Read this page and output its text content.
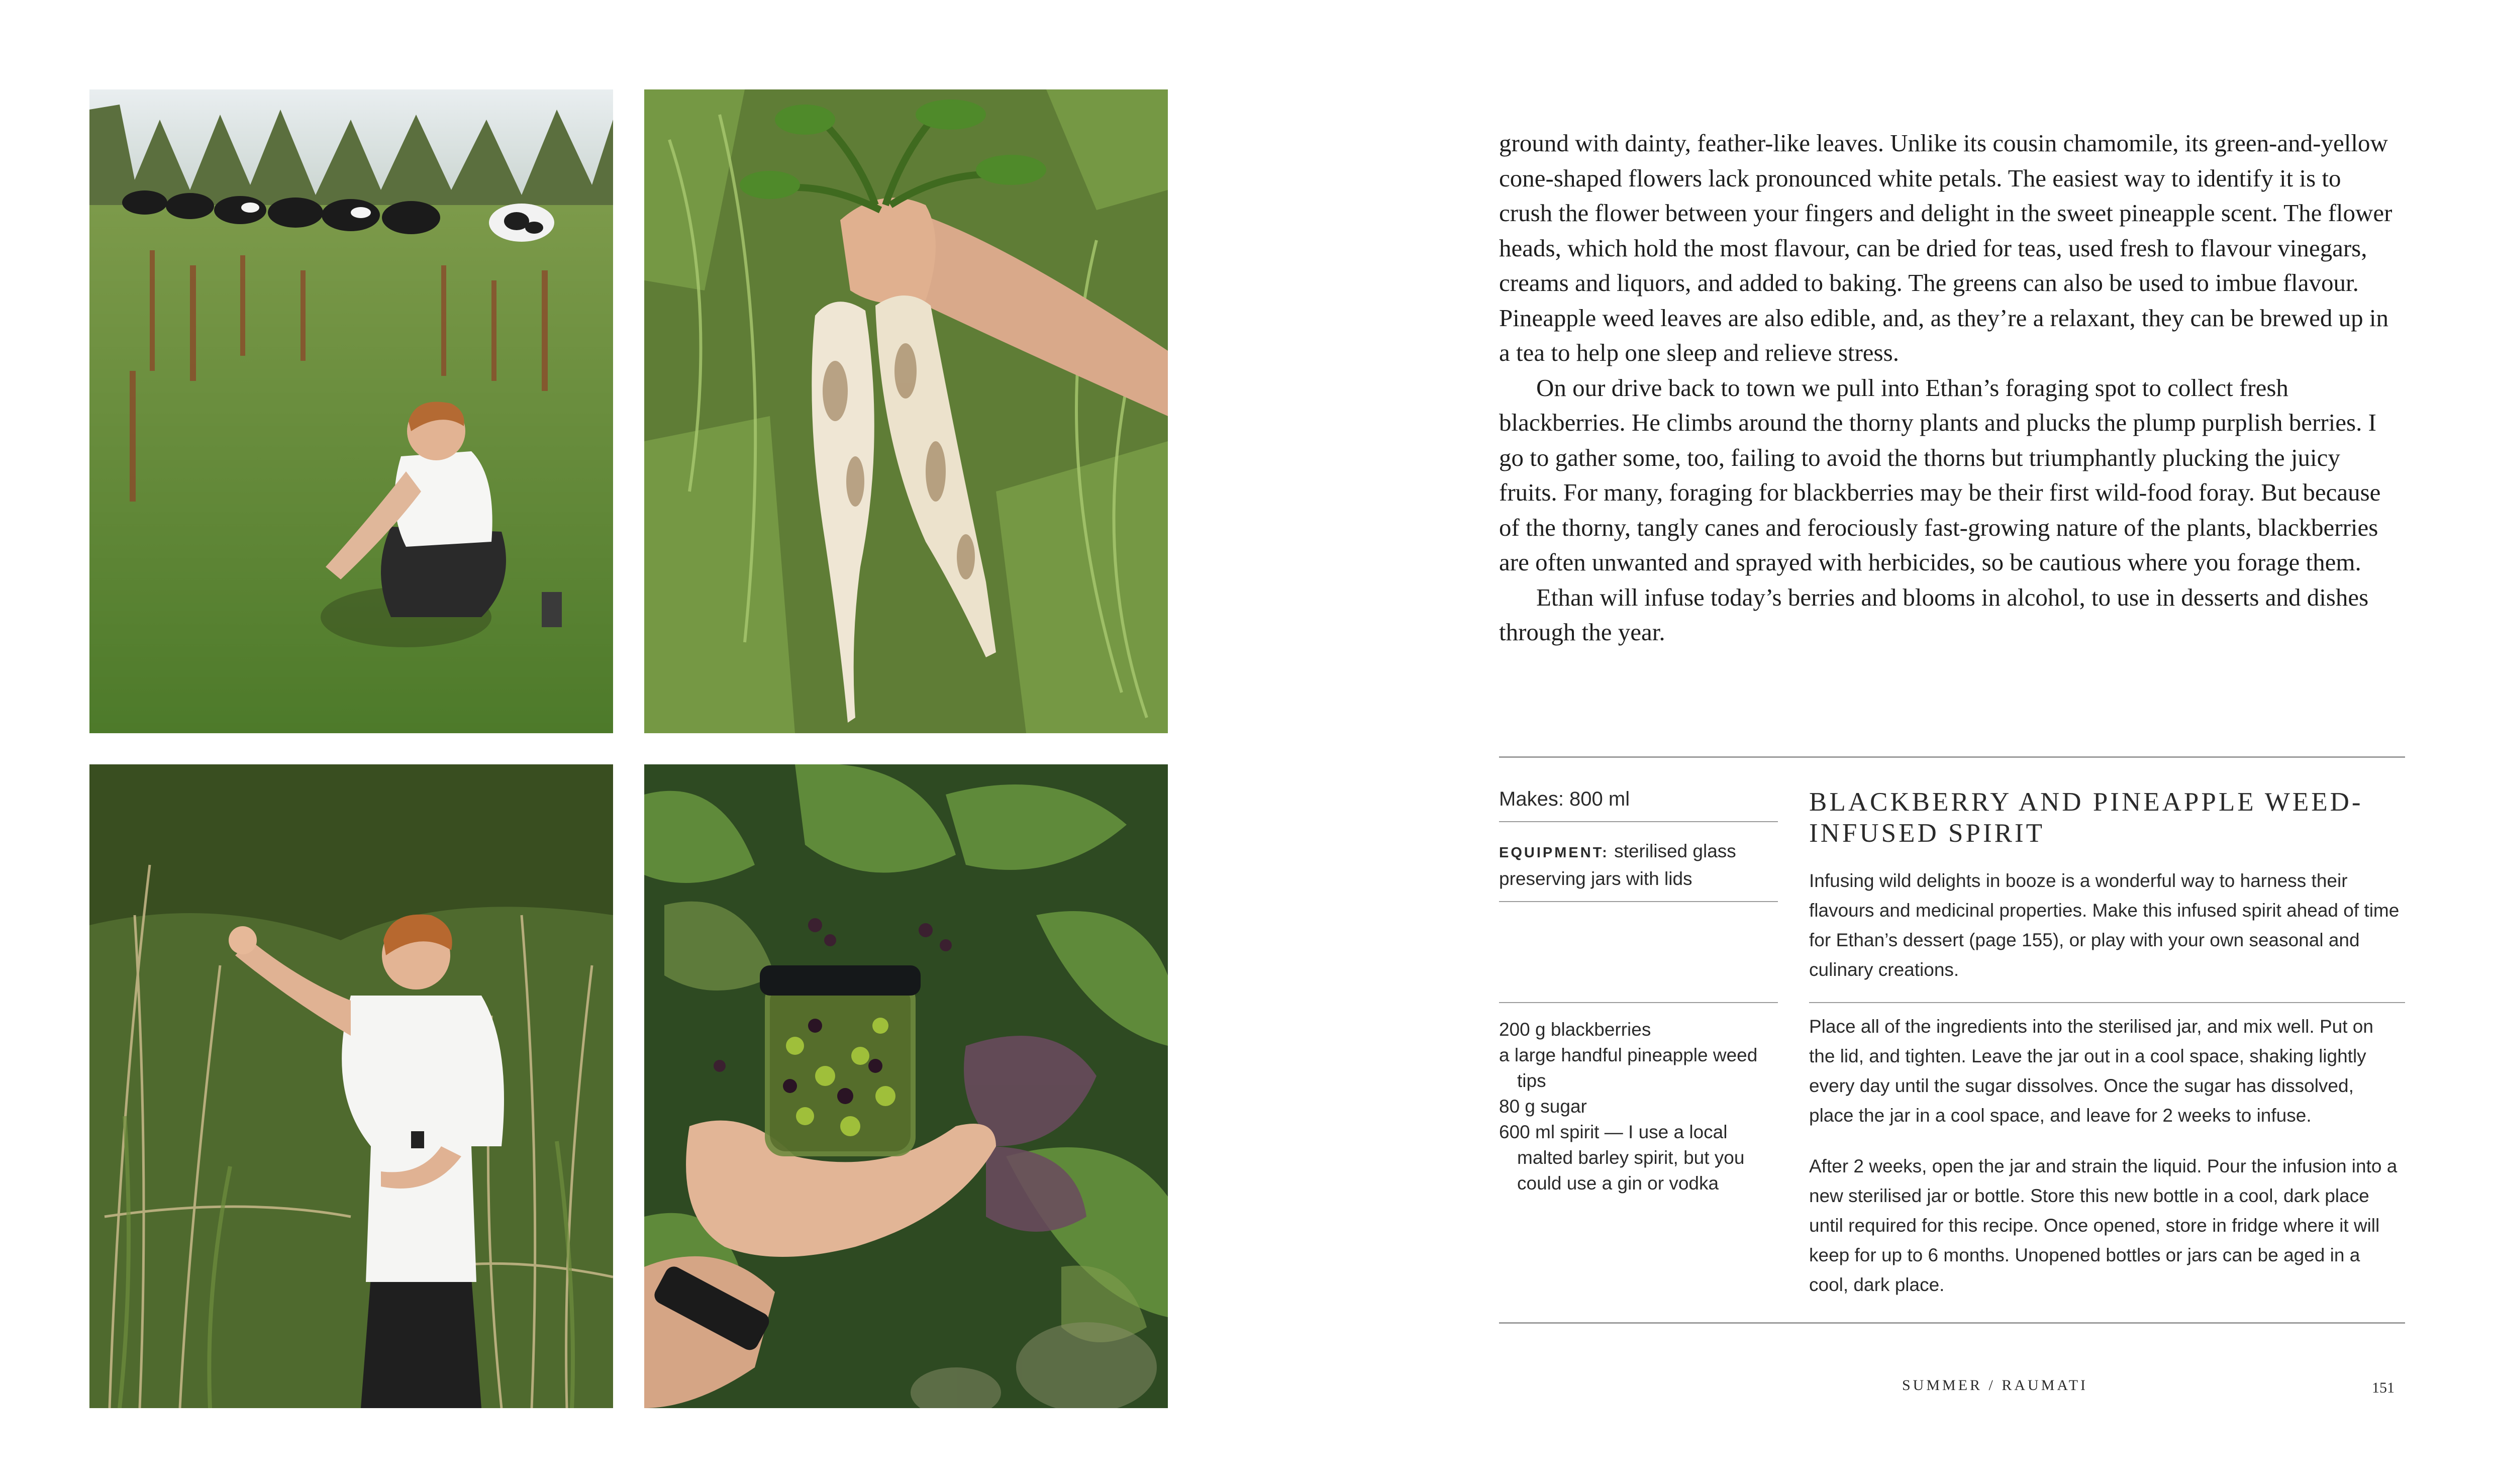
ground with dainty, feather-like leaves. Unlike its cousin chamomile, its green-and-yellow cone-shaped flowers lack pronounced white petals. The easiest way to identify it is to crush the flower between your fingers and delight in the sweet pineapple scent. The flower heads, which hold the most flavour, can be dried for teas, used fresh to flavour vinegars, creams and liquors, and added to baking. The greens can also be used to imbue flavour. Pineapple weed leaves are also edible, and, as they’re a relaxant, they can be brewed up in a tea to help one sleep and relieve stress.

On our drive back to town we pull into Ethan’s foraging spot to collect fresh blackberries. He climbs around the thorny plants and plucks the plump purplish berries. I go to gather some, too, failing to avoid the thorns but triumphantly plucking the juicy fruits. For many, foraging for blackberries may be their first wild-food foray. But because of the thorny, tangly canes and ferociously fast-growing nature of the plants, blackberries are often unwanted and sprayed with herbicides, so be cautious where you forage them.

Ethan will infuse today’s berries and blooms in alcohol, to use in desserts and dishes through the year.

Makes: 800 ml
EQUIPMENT: sterilised glass preserving jars with lids
200 g blackberries
a large handful pineapple weed tips
80 g sugar
600 ml spirit — I use a local malted barley spirit, but you could use a gin or vodka
BLACKBERRY AND PINEAPPLE WEED-INFUSED SPIRIT
Infusing wild delights in booze is a wonderful way to harness their flavours and medicinal properties. Make this infused spirit ahead of time for Ethan’s dessert (page 155), or play with your own seasonal and culinary creations.
Place all of the ingredients into the sterilised jar, and mix well. Put on the lid, and tighten. Leave the jar out in a cool space, shaking lightly every day until the sugar dissolves. Once the sugar has dissolved, place the jar in a cool space, and leave for 2 weeks to infuse.
After 2 weeks, open the jar and strain the liquid. Pour the infusion into a new sterilised jar or bottle. Store this new bottle in a cool, dark place until required for this recipe. Once opened, store in fridge where it will keep for up to 6 months. Unopened bottles or jars can be aged in a cool, dark place.
SUMMER / RAUMATI	151
